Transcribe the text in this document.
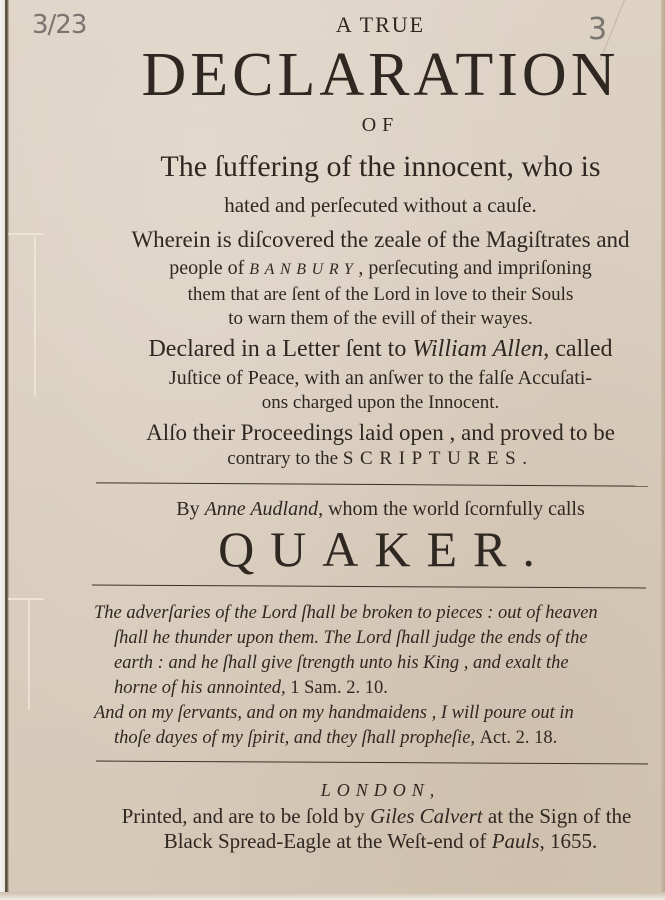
3/23	3
A TRUE
DECLARATION
OF
The ſuffering of the innocent, who is
hated and perſecuted without a cauſe.
Wherein is diſcovered the zeale of the Magiſtrates and
people of BANBURY, perſecuting and impriſoning
them that are ſent of the Lord in love to their Souls
to warn them of the evill of their wayes.
Declared in a Letter ſent to William Allen, called
Juſtice of Peace, with an anſwer to the falſe Accuſati-
ons charged upon the Innocent.
Alſo their Proceedings laid open , and proved to be
contrary to the SCRIPTURES.
By Anne Audland, whom the world ſcornfully calls
QUAKER.
The adverſaries of the Lord ſhall be broken to pieces : out of heaven
ſhall he thunder upon them. The Lord ſhall judge the ends of the
earth : and he ſhall give ſtrength unto his King , and exalt the
horne of his annointed, 1 Sam. 2. 10.
And on my ſervants, and on my handmaidens , I will poure out in
thoſe dayes of my ſpirit, and they ſhall propheſie, Act. 2. 18.
LONDON,
Printed, and are to be ſold by Giles Calvert at the Sign of the
Black Spread-Eagle at the Weſt-end of Pauls, 1655.
